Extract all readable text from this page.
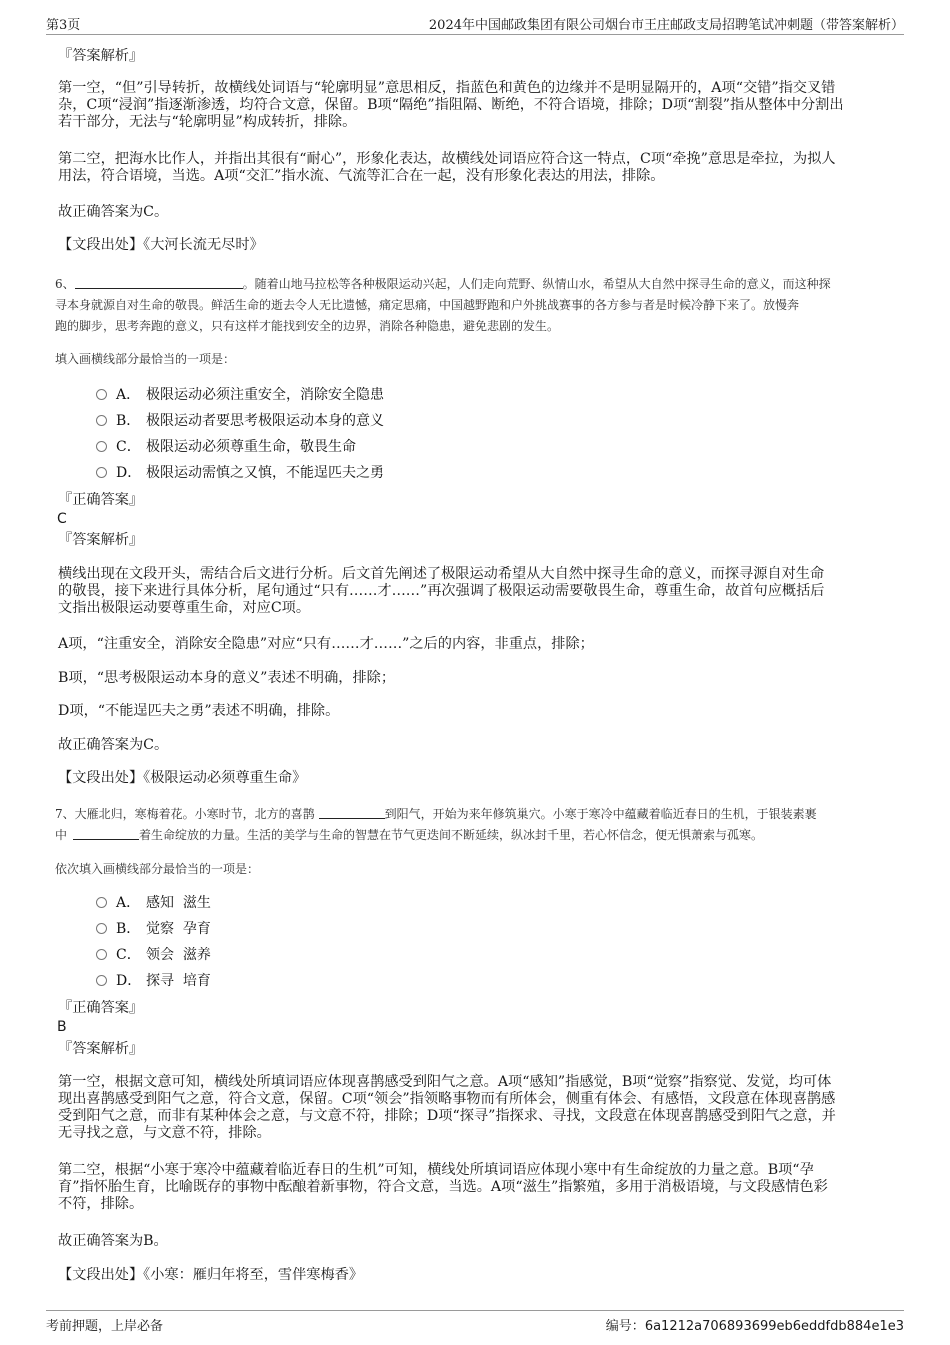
第3页	2024年中国邮政集团有限公司烟台市王庄邮政支局招聘笔试冲刺题（带答案解析）
『答案解析』
第一空，“但”引导转折，故横线处词语与“轮廓明显”意思相反，指蓝色和黄色的边缘并不是明显隔开的，A项“交错”指交叉错
杂，C项“浸润”指逐渐渗透，均符合文意，保留。B项“隔绝”指阻隔、断绝，不符合语境，排除；D项“割裂”指从整体中分割出
若干部分，无法与“轮廓明显”构成转折，排除。
第二空，把海水比作人，并指出其很有“耐心”，形象化表达，故横线处词语应符合这一特点，C项“牵挽”意思是牵拉，为拟人
用法，符合语境，当选。A项“交汇”指水流、气流等汇合在一起，没有形象化表达的用法，排除。
故正确答案为C。
【文段出处】《大河长流无尽时》
6、	。随着山地马拉松等各种极限运动兴起，人们走向荒野、纵情山水，希望从大自然中探寻生命的意义，而这种探
寻本身就源自对生命的敬畏。鲜活生命的逝去令人无比遗憾，痛定思痛，中国越野跑和户外挑战赛事的各方参与者是时候冷静下来了。放慢奔
跑的脚步，思考奔跑的意义，只有这样才能找到安全的边界，消除各种隐患，避免悲剧的发生。
填入画横线部分最恰当的一项是：
A． 极限运动必须注重安全，消除安全隐患
B． 极限运动者要思考极限运动本身的意义
C． 极限运动必须尊重生命，敬畏生命
D． 极限运动需慎之又慎，不能逞匹夫之勇
『正确答案』
C
『答案解析』
横线出现在文段开头，需结合后文进行分析。后文首先阐述了极限运动希望从大自然中探寻生命的意义，而探寻源自对生命
的敬畏，接下来进行具体分析，尾句通过“只有……才……”再次强调了极限运动需要敬畏生命，尊重生命，故首句应概括后
文指出极限运动要尊重生命，对应C项。
A项，“注重安全，消除安全隐患”对应“只有……才……”之后的内容，非重点，排除；
B项，“思考极限运动本身的意义”表述不明确，排除；
D项，“不能逞匹夫之勇”表述不明确，排除。
故正确答案为C。
【文段出处】《极限运动必须尊重生命》
7、大雁北归，寒梅着花。小寒时节，北方的喜鹊	到阳气，开始为来年修筑巢穴。小寒于寒冷中蕴藏着临近春日的生机，于银装素裹
中	着生命绽放的力量。生活的美学与生命的智慧在节气更迭间不断延续，纵冰封千里，若心怀信念，便无惧萧索与孤寒。
依次填入画横线部分最恰当的一项是：
A． 感知  滋生
B． 觉察  孕育
C． 领会  滋养
D． 探寻  培育
『正确答案』
B
『答案解析』
第一空，根据文意可知，横线处所填词语应体现喜鹊感受到阳气之意。A项“感知”指感觉，B项“觉察”指察觉、发觉，均可体
现出喜鹊感受到阳气之意，符合文意，保留。C项“领会”指领略事物而有所体会，侧重有体会、有感悟，文段意在体现喜鹊感
受到阳气之意，而非有某种体会之意，与文意不符，排除；D项“探寻”指探求、寻找，文段意在体现喜鹊感受到阳气之意，并
无寻找之意，与文意不符，排除。
第二空，根据“小寒于寒冷中蕴藏着临近春日的生机”可知，横线处所填词语应体现小寒中有生命绽放的力量之意。B项“孕
育”指怀胎生育，比喻既存的事物中酝酿着新事物，符合文意，当选。A项“滋生”指繁殖，多用于消极语境，与文段感情色彩
不符，排除。
故正确答案为B。
【文段出处】《小寒：雁归年将至，雪伴寒梅香》
考前押题，上岸必备	编号：6a1212a706893699eb6eddfdb884e1e3
